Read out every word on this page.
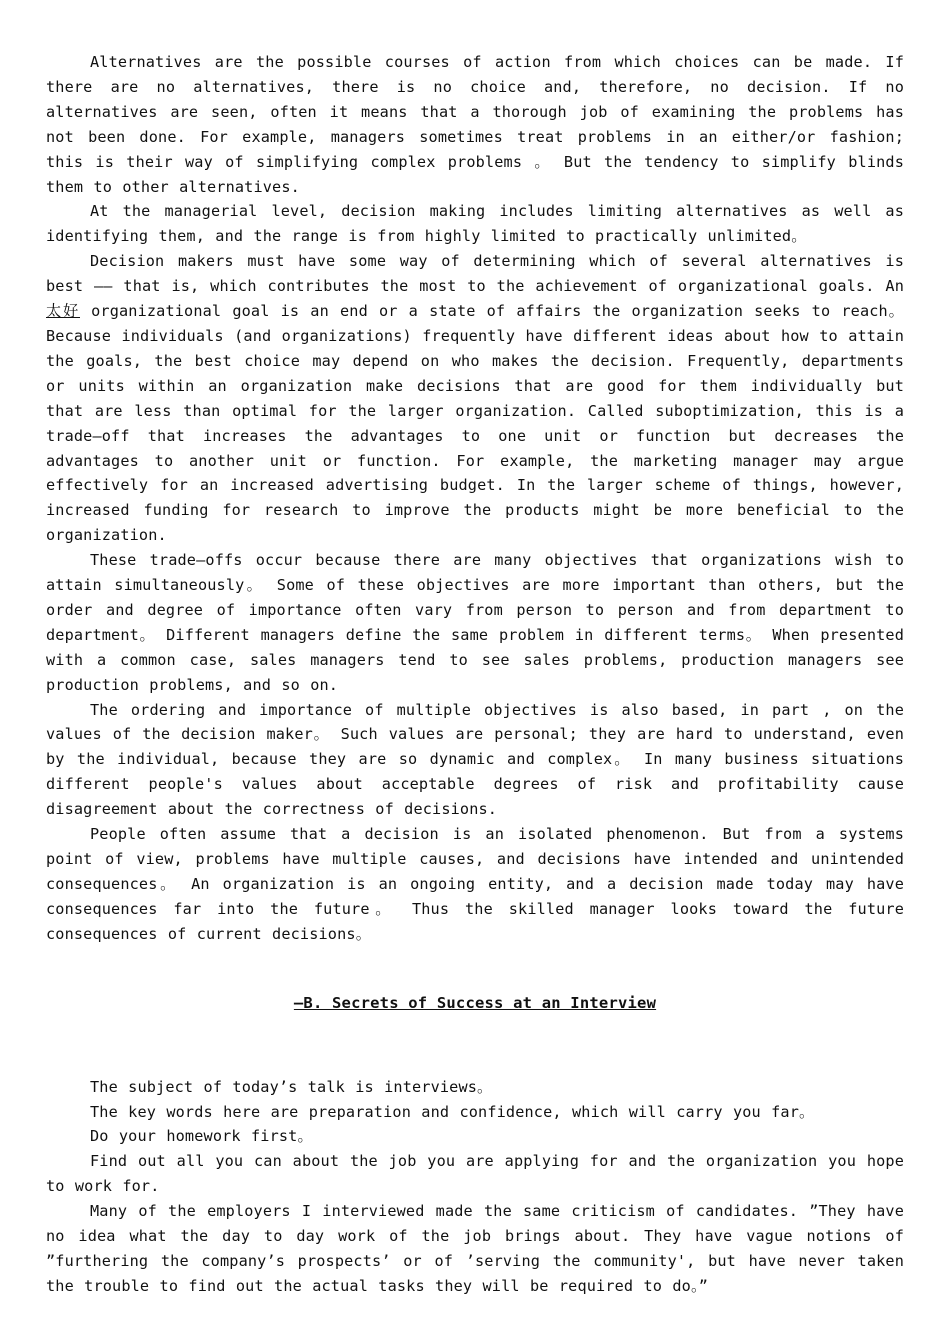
Alternatives are the possible courses of action from which choices can be made. If there are no alternatives, there is no choice and, therefore, no decision. If no alternatives are seen, often it means that a thorough job of examining the problems has not been done. For example, managers sometimes treat problems in an either/or fashion; this is their way of simplifying complex problems 。 But the tendency to simplify blinds them to other alternatives.

At the managerial level, decision making includes limiting alternatives as well as identifying them, and the range is from highly limited to practically unlimited。

Decision makers must have some way of determining which of several alternatives is best —— that is, which contributes the most to the achievement of organizational goals. An 太好 organizational goal is an end or a state of affairs the organization seeks to reach。 Because individuals (and organizations) frequently have different ideas about how to attain the goals, the best choice may depend on who makes the decision. Frequently, departments or units within an organization make decisions that are good for them individually but that are less than optimal for the larger organization. Called suboptimization, this is a trade—off that increases the advantages to one unit or function but decreases the advantages to another unit or function. For example, the marketing manager may argue effectively for an increased advertising budget. In the larger scheme of things, however, increased funding for research to improve the products might be more beneficial to the organization.

These trade—offs occur because there are many objectives that organizations wish to attain simultaneously。 Some of these objectives are more important than others, but the order and degree of importance often vary from person to person and from department to department。 Different managers define the same problem in different terms。 When presented with a common case, sales managers tend to see sales problems, production managers see production problems, and so on.

The ordering and importance of multiple objectives is also based, in part , on the values of the decision maker。 Such values are personal; they are hard to understand, even by the individual, because they are so dynamic and complex。 In many business situations different people's values about acceptable degrees of risk and profitability cause disagreement about the correctness of decisions.

People often assume that a decision is an isolated phenomenon. But from a systems point of view, problems have multiple causes, and decisions have intended and unintended consequences。 An organization is an ongoing entity, and a decision made today may have consequences far into the future。 Thus the skilled manager looks toward the future consequences of current decisions。

—B. Secrets of Success at an Interview

The subject of today’s talk is interviews。

The key words here are preparation and confidence, which will carry you far。

Do your homework first。

Find out all you can about the job you are applying for and the organization you hope to work for.

Many of the employers I interviewed made the same criticism of candidates. ”They have no idea what the day to day work of the job brings about. They have vague notions of ”furthering the company’s prospects’ or of ’serving the community', but have never taken the trouble to find out the actual tasks they will be required to do。”
